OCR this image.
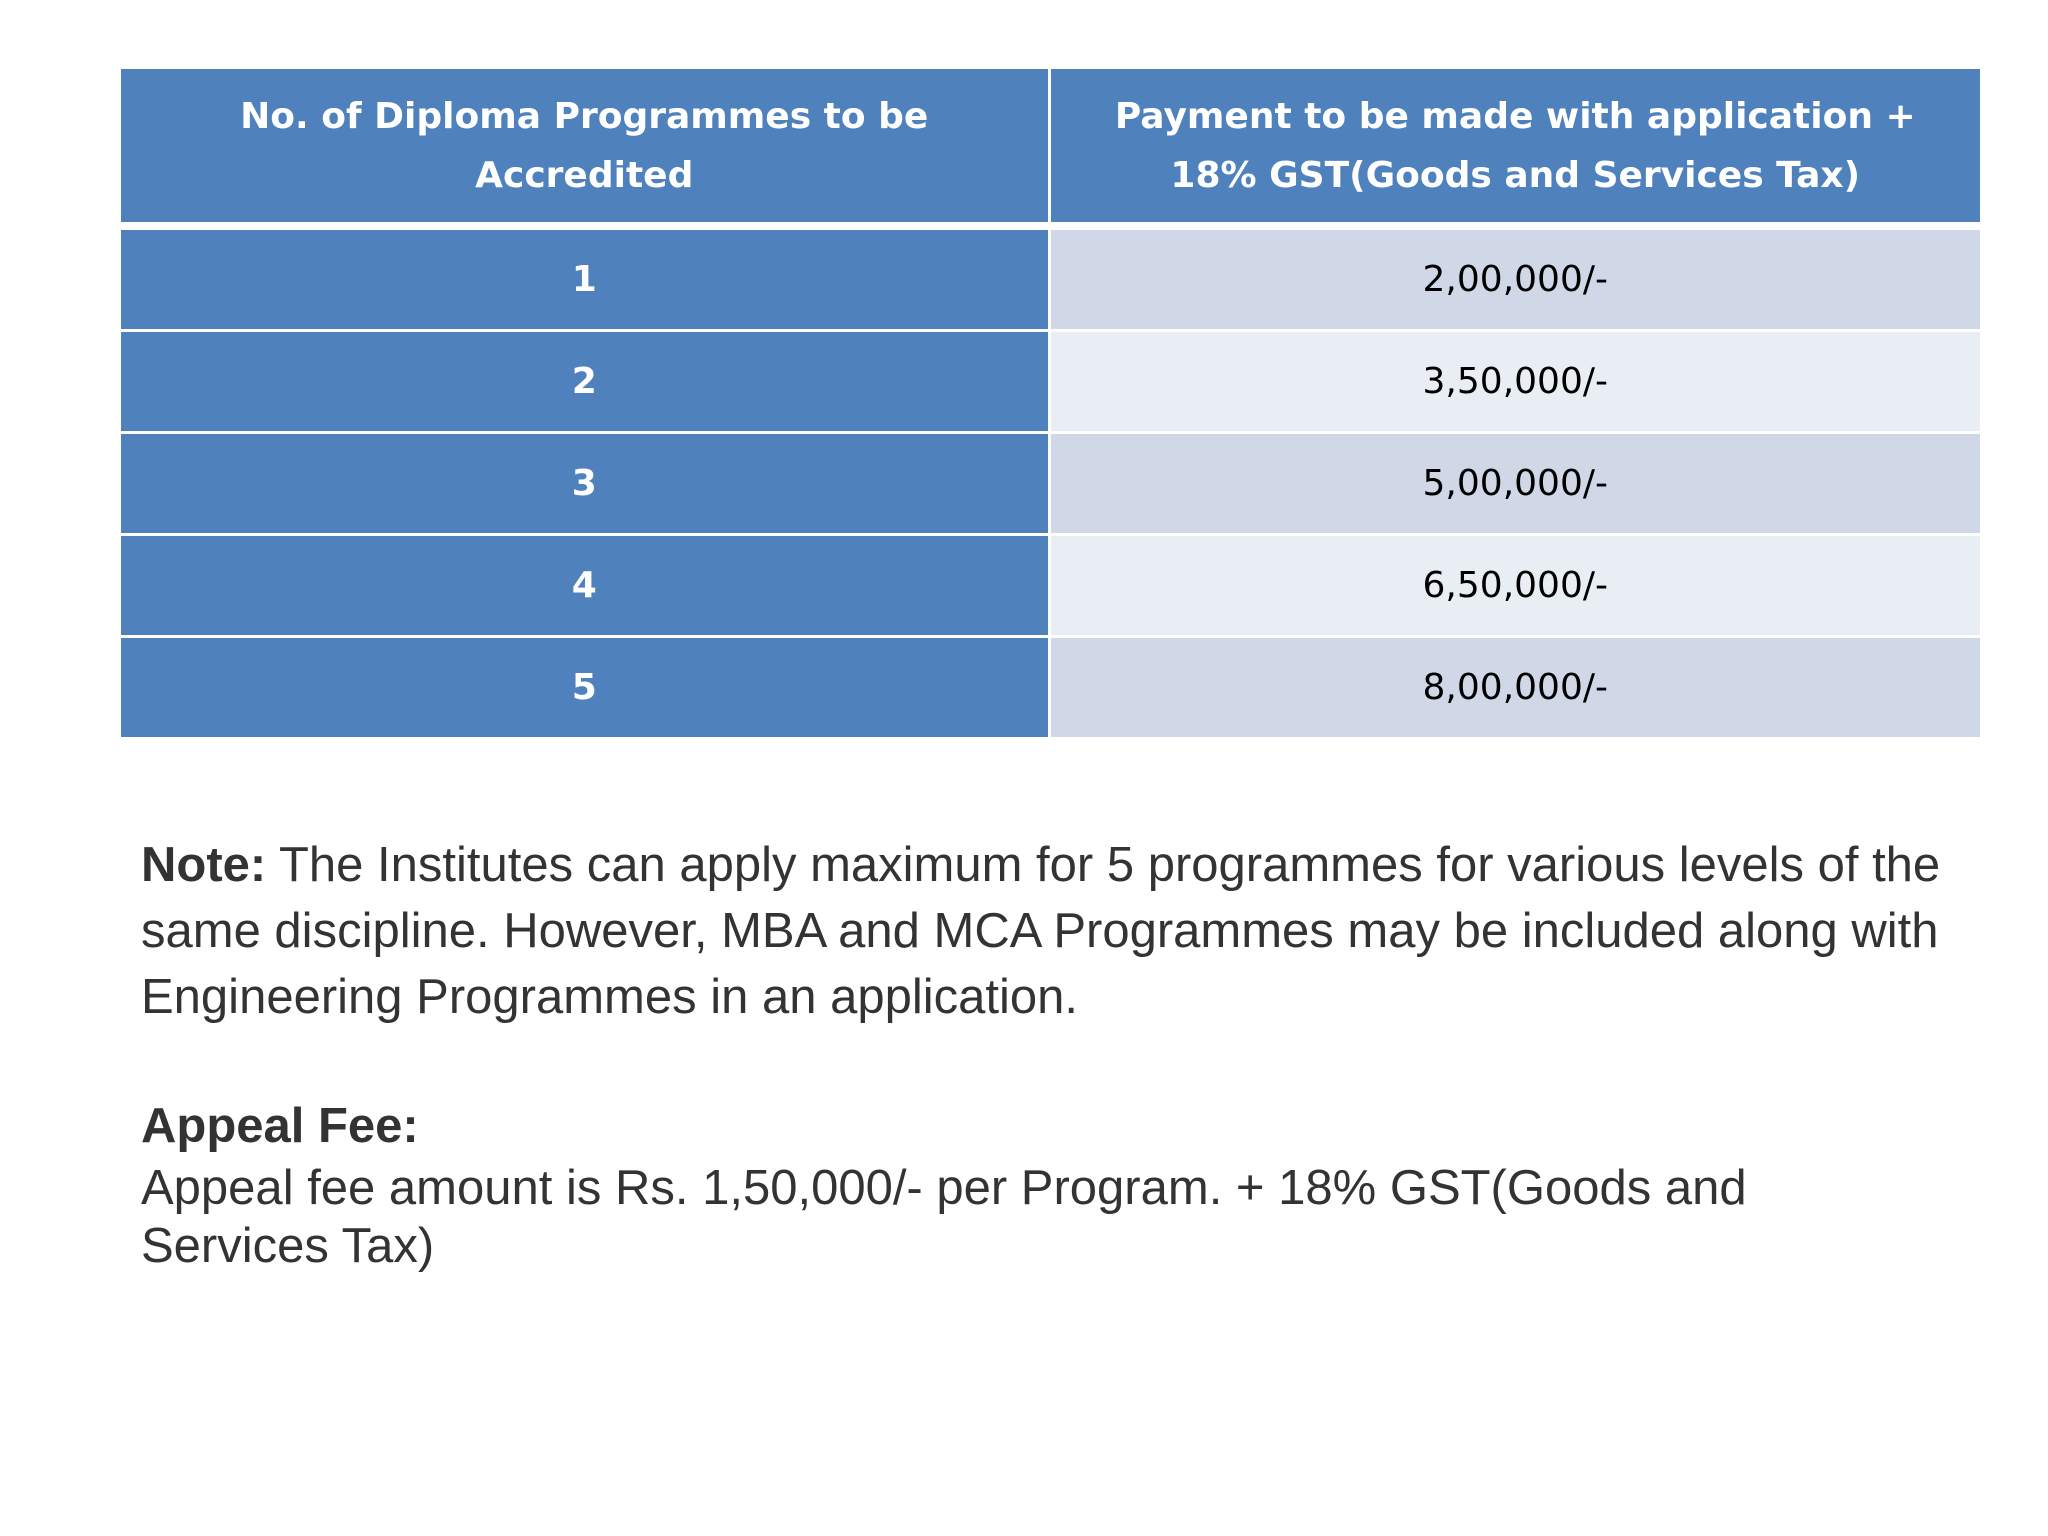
No. of Diploma Programmes to be Accredited	Payment to be made with application + 18% GST(Goods and Services Tax)
1	2,00,000/-
2	3,50,000/-
3	5,00,000/-
4	6,50,000/-
5	8,00,000/-

Note: The Institutes can apply maximum for 5 programmes for various levels of the same discipline. However, MBA and MCA Programmes may be included along with Engineering Programmes in an application.

Appeal Fee:

Appeal fee amount is Rs. 1,50,000/- per Program. + 18% GST(Goods and Services Tax)
